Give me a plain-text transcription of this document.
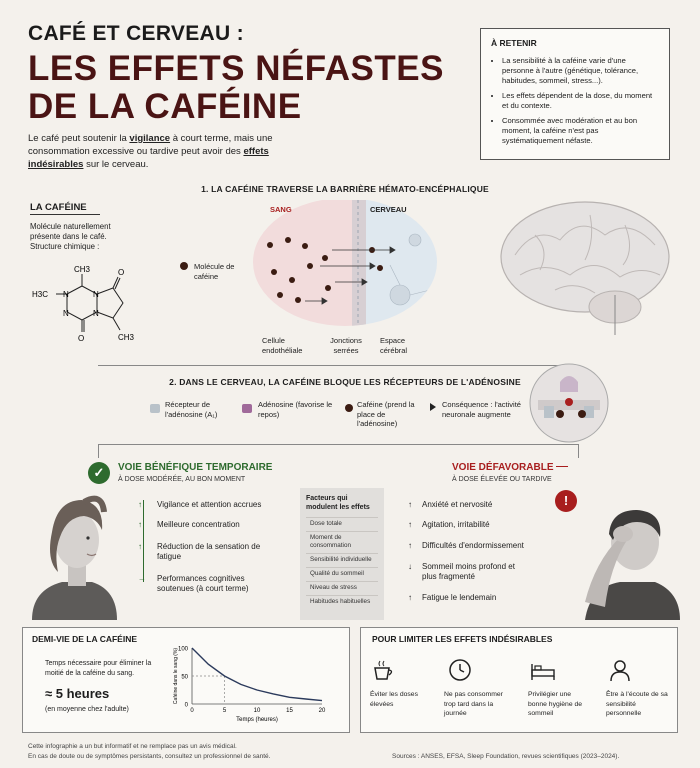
CAFÉ ET CERVEAU :
LES EFFETS NÉFASTES
DE LA CAFÉINE
Le café peut soutenir la vigilance à court terme, mais une consommation excessive ou tardive peut avoir des effets indésirables sur le cerveau.
À RETENIR
• La sensibilité à la caféine varie d'une personne à l'autre (génétique, tolérance, habitudes, sommeil, stress...).
• Les effets dépendent de la dose, du moment et du contexte.
• Consommée avec modération et au bon moment, la caféine n'est pas systématiquement néfaste.
1. LA CAFÉINE TRAVERSE LA BARRIÈRE HÉMATO-ENCÉPHALIQUE
LA CAFÉINE
Molécule naturellement présente dans le café. Structure chimique :
CH3
N
N
N
N
O
O	CH3
H3C
Molécule de caféine
SANG	CERVEAU
Cellule endothéliale
Jonctions serrées
Espace cérébral
2. DANS LE CERVEAU, LA CAFÉINE BLOQUE LES RÉCEPTEURS DE L'ADÉNOSINE
Récepteur de l'adénosine (A₁)
Adénosine (favorise le repos)
Caféine (prend la place de l'adénosine)
Conséquence : l'activité neuronale augmente
✓	VOIE BÉNÉFIQUE TEMPORAIRE
À DOSE MODÉRÉE, AU BON MOMENT
↑ Vigilance et attention accrues
↑ Meilleure concentration
↑ Réduction de la sensation de fatigue
→ Performances cognitives soutenues (à court terme)
Facteurs qui modulent les effets
Dose totale
Moment de consommation
Sensibilité individuelle
Qualité du sommeil
Niveau de stress
Habitudes habituelles
VOIE DÉFAVORABLE
À DOSE ÉLEVÉE OU TARDIVE
!
↑ Anxiété et nervosité
↑ Agitation, irritabilité
↑ Difficultés d'endormissement
↓ Sommeil moins profond et plus fragmenté
↑ Fatigue le lendemain
DEMI-VIE DE LA CAFÉINE
Temps nécessaire pour éliminer la moitié de la caféine du sang.
≈ 5 heures
(en moyenne chez l'adulte)
0
50
100
0	5	10	15	20
Temps (heures)
Caféine dans le sang (%)
POUR LIMITER LES EFFETS INDÉSIRABLES
Éviter les doses élevées
Ne pas consommer trop tard dans la journée
Privilégier une bonne hygiène de sommeil
Être à l'écoute de sa sensibilité personnelle
Cette infographie a un but informatif et ne remplace pas un avis médical.
En cas de doute ou de symptômes persistants, consultez un professionnel de santé.	Sources : ANSES, EFSA, Sleep Foundation, revues scientifiques (2023–2024).
